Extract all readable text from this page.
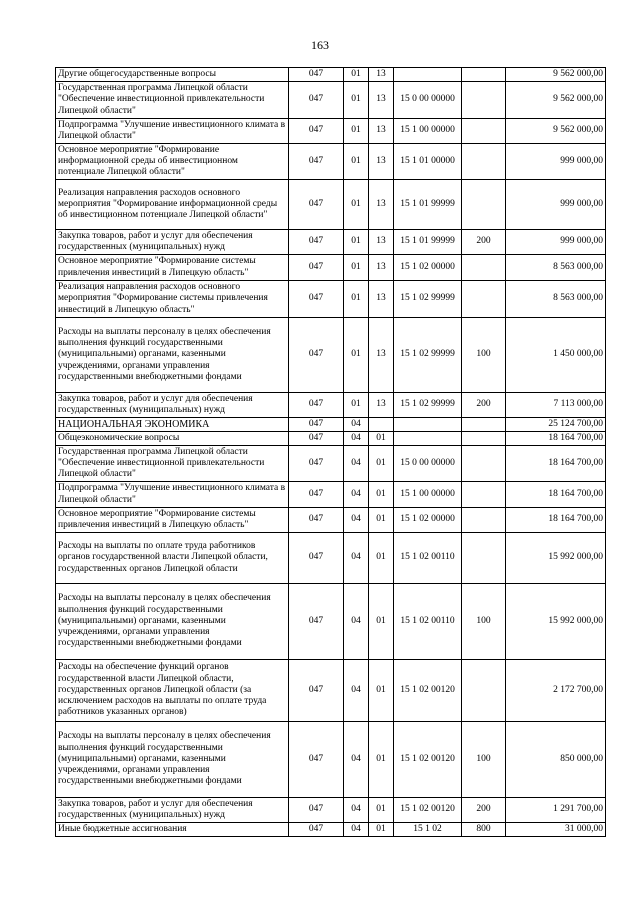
163
Другие общегосударственные вопросы	047	01	13			9 562 000,00
Государственная программа Липецкой области "Обеспечение инвестиционной привлекательности Липецкой области"	047	01	13	15 0 00 00000		9 562 000,00
Подпрограмма "Улучшение инвестиционного климата в Липецкой области"	047	01	13	15 1 00 00000		9 562 000,00
Основное мероприятие "Формирование информационной среды об инвестиционном потенциале Липецкой области"	047	01	13	15 1 01 00000		999 000,00
Реализация направления расходов основного мероприятия "Формирование информационной среды об инвестиционном потенциале Липецкой области"	047	01	13	15 1 01 99999		999 000,00
Закупка товаров, работ и услуг для обеспечения государственных (муниципальных) нужд	047	01	13	15 1 01 99999	200	999 000,00
Основное мероприятие "Формирование системы привлечения инвестиций в Липецкую область"	047	01	13	15 1 02 00000		8 563 000,00
Реализация направления расходов основного мероприятия "Формирование системы привлечения инвестиций в Липецкую область"	047	01	13	15 1 02 99999		8 563 000,00
Расходы на выплаты персоналу в целях обеспечения выполнения функций государственными (муниципальными) органами, казенными учреждениями, органами управления государственными внебюджетными фондами	047	01	13	15 1 02 99999	100	1 450 000,00
Закупка товаров, работ и услуг для обеспечения государственных (муниципальных) нужд	047	01	13	15 1 02 99999	200	7 113 000,00
НАЦИОНАЛЬНАЯ ЭКОНОМИКА	047	04				25 124 700,00
Общеэкономические вопросы	047	04	01			18 164 700,00
Государственная программа Липецкой области "Обеспечение инвестиционной привлекательности Липецкой области"	047	04	01	15 0 00 00000		18 164 700,00
Подпрограмма "Улучшение инвестиционного климата в Липецкой области"	047	04	01	15 1 00 00000		18 164 700,00
Основное мероприятие "Формирование системы привлечения инвестиций в Липецкую область"	047	04	01	15 1 02 00000		18 164 700,00
Расходы на выплаты по оплате труда работников органов государственной власти Липецкой области, государственных органов Липецкой области	047	04	01	15 1 02 00110		15 992 000,00
Расходы на выплаты персоналу в целях обеспечения выполнения функций государственными (муниципальными) органами, казенными учреждениями, органами управления государственными внебюджетными фондами	047	04	01	15 1 02 00110	100	15 992 000,00
Расходы на обеспечение функций органов государственной власти Липецкой области, государственных органов Липецкой области (за исключением расходов на выплаты по оплате труда работников указанных органов)	047	04	01	15 1 02 00120		2 172 700,00
Расходы на выплаты персоналу в целях обеспечения выполнения функций государственными (муниципальными) органами, казенными учреждениями, органами управления государственными внебюджетными фондами	047	04	01	15 1 02 00120	100	850 000,00
Закупка товаров, работ и услуг для обеспечения государственных (муниципальных) нужд	047	04	01	15 1 02 00120	200	1 291 700,00
Иные бюджетные ассигнования	047	04	01	15 1 02	800	31 000,00
